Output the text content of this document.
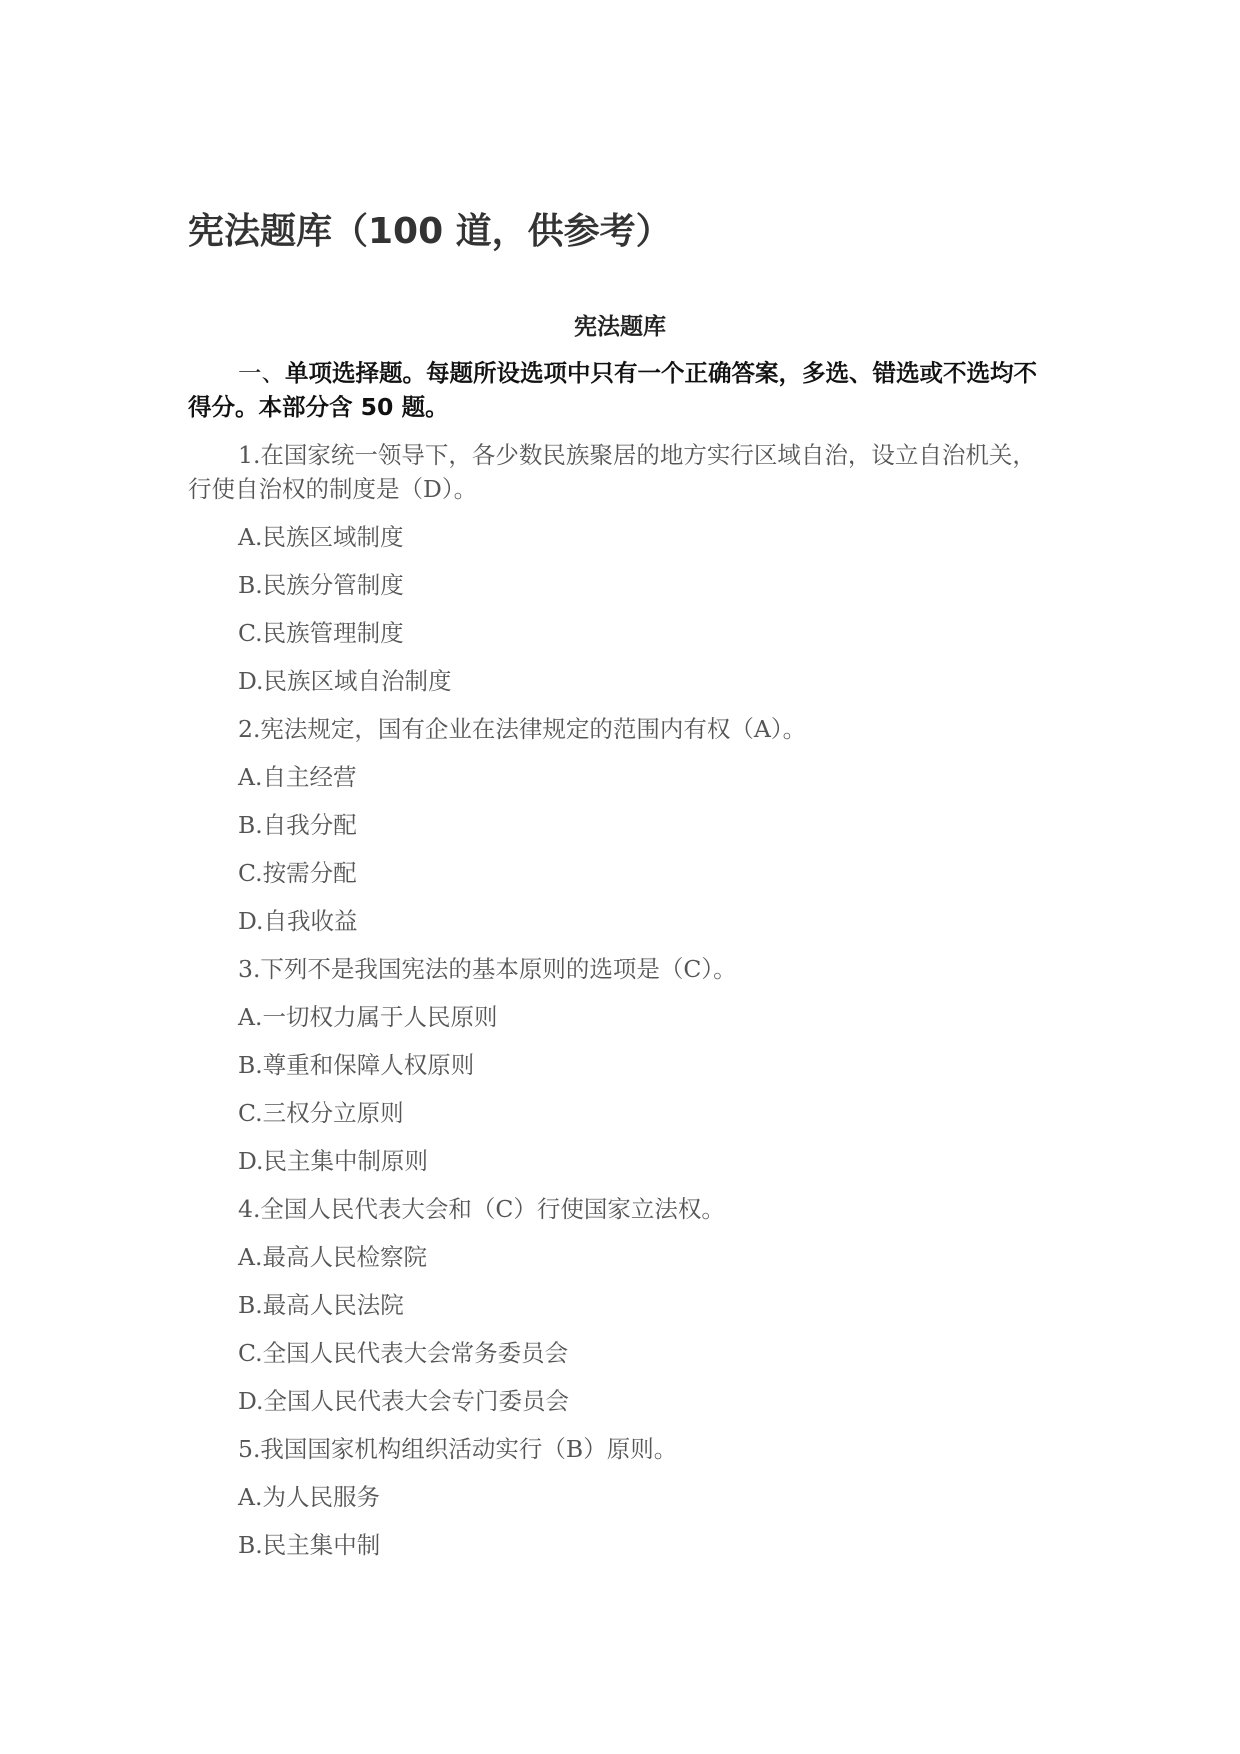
宪法题库（100 道，供参考）
宪法题库
一、单项选择题。每题所设选项中只有一个正确答案，多选、错选或不选均不得分。本部分含 50 题。

1.在国家统一领导下，各少数民族聚居的地方实行区域自治，设立自治机关，行使自治权的制度是（D）。

A.民族区域制度

B.民族分管制度

C.民族管理制度

D.民族区域自治制度

2.宪法规定，国有企业在法律规定的范围内有权（A）。

A.自主经营

B.自我分配

C.按需分配

D.自我收益

3.下列不是我国宪法的基本原则的选项是（C）。

A.一切权力属于人民原则

B.尊重和保障人权原则

C.三权分立原则

D.民主集中制原则

4.全国人民代表大会和（C）行使国家立法权。

A.最高人民检察院

B.最高人民法院

C.全国人民代表大会常务委员会

D.全国人民代表大会专门委员会

5.我国国家机构组织活动实行（B）原则。

A.为人民服务

B.民主集中制
